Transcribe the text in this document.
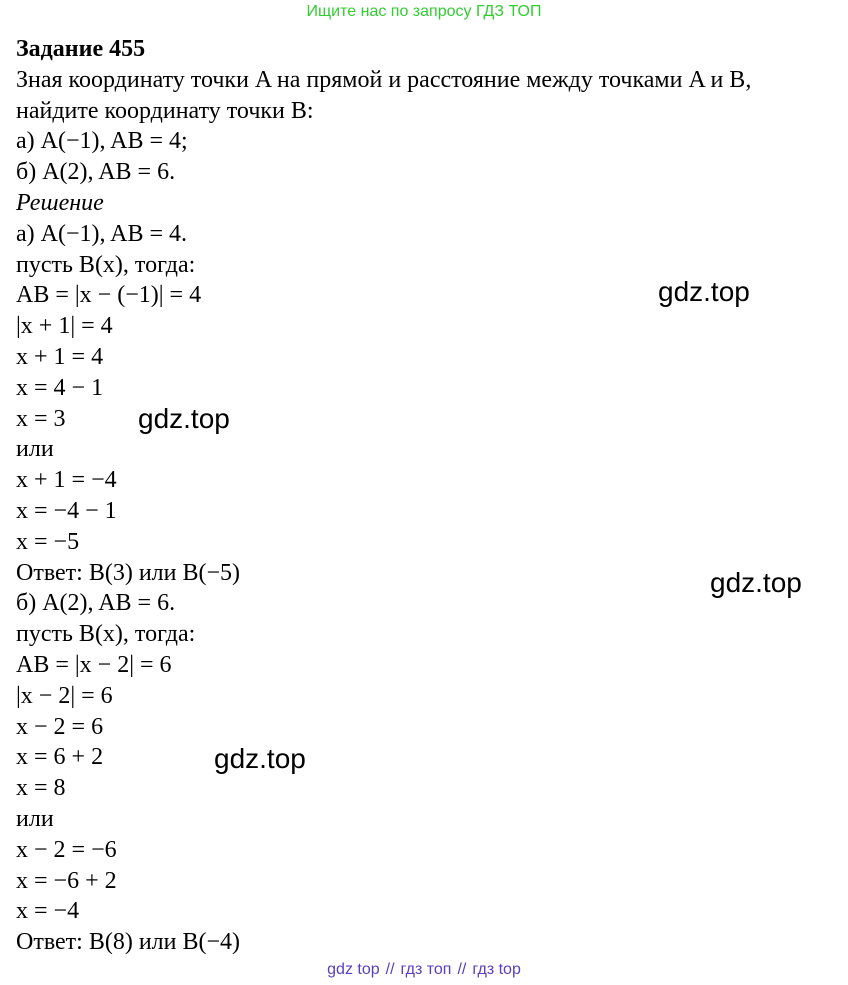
Ищите нас по запросу ГДЗ ТОП
Задание 455
Зная координату точки A на прямой и расстояние между точками A и B,
найдите координату точки B:
а) A(−1), AB = 4;
б) A(2), AB = 6.
Решение
а) A(−1), AB = 4.
пусть B(x), тогда:
AB = |x − (−1)| = 4
|x + 1| = 4
x + 1 = 4
x = 4 − 1
x = 3
или
x + 1 = −4
x = −4 − 1
x = −5
Ответ: B(3) или B(−5)
б) A(2), AB = 6.
пусть B(x), тогда:
AB = |x − 2| = 6
|x − 2| = 6
x − 2 = 6
x = 6 + 2
x = 8
или
x − 2 = −6
x = −6 + 2
x = −4
Ответ: B(8) или B(−4)
gdz.top
gdz.top
gdz.top
gdz.top
gdz top // гдз топ // гдз top
